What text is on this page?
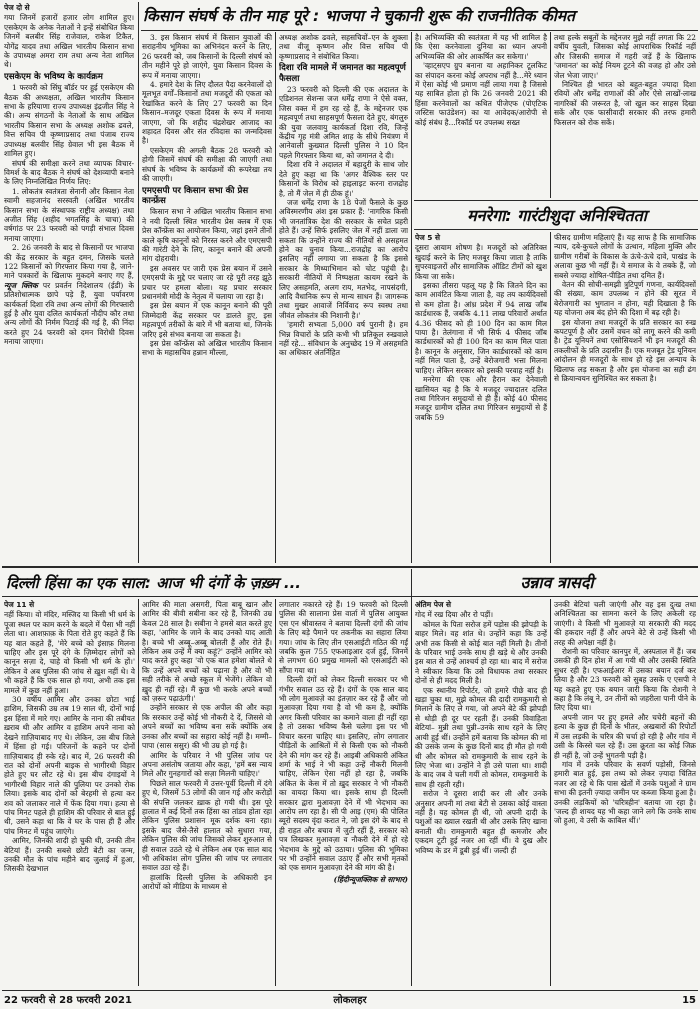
पेज दो से

गया जिनमें हजारों हजार लोग शामिल हुए। एसकेएम के अनेक नेताओं ने इन्हें संबोधित किया जिनमें बलबीर सिंह राजेवाल, राकेश टिकैत, योगेंद्र यादव तथा अखिल भारतीय किसान सभा के उपाध्यक्ष अमरा राम तथा अन्य नेता शामिल थे।

एसकेएम के भविष्य के कार्यक्रम

1 फरवरी को सिंघु बॉर्डर पर हुई एसकेएम की बैठक की अध्यक्षता, अखिल भारतीय किसान सभा के हरियाणा राज्य उपाध्यक्ष इंद्रजीत सिंह ने की। अन्य संगठनों के नेताओं के साथ अखिल भारतीय किसान सभा के अध्यक्ष अशोक ढवले, वित्त सचिव पी कृष्णाप्रसाद तथा पंजाब राज्य उपाध्यक्ष बलवीर सिंह ग्रेवाल भी इस बैठक में शामिल हुए।

संघर्ष की समीक्षा करने तथा व्यापक विचार-विमर्श के बाद बैठक ने संघर्ष को देशव्यापी बनाने के लिए निम्नलिखित निर्णय लिए:

1. लोकतंत्र स्वतंत्रता सेनानी और किसान नेता स्वामी सहजानंद सरस्वती (अखिल भारतीय किसान सभा के संस्थापक राष्ट्रीय अध्यक्ष) तथा अजीत सिंह (शहीद भगतसिंह के चाचा) की वर्षगांठ पर 23 फरवरी को पगड़ी संभाल दिवस मनाया जाएगा।

2. 26 जनवरी के बाद से किसानों पर भाजपा की केंद्र सरकार के बहुत दमन, जिसके चलते 122 किसानों को गिरफ्तार किया गया है, जाने-माने पत्रकारों के खिलाफ मुकदमे बनाए गए हैं, न्यूज क्लिक पर प्रवर्तन निदेशालय (ईडी) के प्रतिशोधात्मक छापे पड़े हैं, युवा पर्यावरण कार्यकर्ता दिशा रवि तथा अन्य लोगों की गिरफ्तारी हुई है और युवा दलित कार्यकर्ता नौदीप कौर तथा अन्य लोगों की निर्मम पिटाई की गई है, की निंदा करते हुए 24 फरवरी को दमन विरोधी दिवस मनाया जाएगा।

किसान संघर्ष के तीन माह पूरे : भाजपा ने चुकानी शुरू की राजनीतिक कीमत

3. इस किसान संघर्ष में किसान युवाओं की सराहनीय भूमिका का अभिनंदन करने के लिए, 26 फरवरी को, जब किसानों के दिल्ली संघर्ष को तीन महीने पूरे हो जाएंगे, युवा किसान दिवस के रूप में मनाया जाएगा।

4. हमारे देश के लिए दौलत पैदा करनेवालों दो मूलभूत वर्गों–किसानों तथा मजदूरों की एकता को रेखांकित करने के लिए 27 फरवरी का दिन किसान–मजदूर एकता दिवस के रूप में मनाया जाएगा, जो कि शहीद चंद्रशेखर आजाद का शहादत दिवस और संत रविदास का जन्मदिवस है।

एसकेएम की अगली बैठक 28 फरवरी को होगी जिसमें संघर्ष की समीक्षा की जाएगी तथा संघर्ष के भविष्य के कार्यक्रमों की रूपरेखा तय की जाएगी।

एमएसपी पर किसान सभा की प्रेस कान्फ्रेंस

किसान सभा ने अखिल भारतीय किसान सभा ने नयी दिल्ली स्थित भारतीय प्रेस क्लब में एक प्रेस कॉन्फ्रेंस का आयोजन किया, जहां इसने तीनों काले कृषि कानूनों को निरस्त करने और एमएसपी की गारंटी देने के लिए, कानून बनाने की अपनी मांग दोहरायी।

इस अवसर पर जारी एक प्रेस बयान में उसने एमएसपी के मुद्दे पर चलाए जा रहे पूरी तरह झूठे प्रचार पर हमला बोला। यह प्रचार सरकार प्रधानमंत्री मोदी के नेतृत्व में चलाया जा रहा है।

इस प्रेस बयान में एक कानून बनाने की पूरी जिम्मेदारी केंद्र सरकार पर डालते हुए, इस महत्वपूर्ण तरीकों के बारे में भी बताया था, जिनके जरिए इसे संभव बनाया जा सकता है।

इस प्रेस कॉन्फ्रेंस को अखिल भारतीय किसान सभा के महासचिव हन्नान मौल्ला,

अध्यक्ष अशोक ढवले, सहसचिवों–एन के शुक्ला तथा वीजू कृष्णन और वित्त सचिव पी कृष्णाप्रसाद ने संबोधित किया।

दिशा रवि मामले में जमानत का महत्वपूर्ण फैसला

23 फरवरी को दिल्ली की एक अदालत के एडिशनल सेशन्स जज धर्मेंद्र राणा ने ऐसे वक्त, जिस वक्त में हम रह रहे हैं, के मद्देनजर एक महत्वपूर्ण तथा साहसपूर्ण फैसला देते हुए, बंगलुरु की युवा जलवायु कार्यकर्ता दिशा रवि, जिन्हें केंद्रीय गृह मंत्री अमित शाह के सीधे नियंत्रण में आनेवाली कुख्यात दिल्ली पुलिस ने 10 दिन पहले गिरफ्तार किया था, को जमानत दे दी।

दिशा रवि ने अदालत में बहादुरी के साथ जोर देते हुए कहा था कि 'अगर वैश्विक स्तर पर किसानों के विरोध को हाइलाइट करना राजद्रोह है, तो मैं जेल में ही ठीक हूं।'

जज धर्मेंद्र राणा के 18 पेजों फैसले के कुछ अविस्मरणीय अंश इस प्रकार हैं: 'नागरिक किसी भी जनतांत्रिक देश की सरकार के सचेत प्रहरी होते हैं। उन्हें सिर्फ इसलिए जेल में नहीं डाला जा सकता कि उन्होंने राज्य की नीतियों से असहमत होने का चुनाव किया...राजद्रोह का आरोप इसलिए नहीं लगाया जा सकता है कि इससे सरकार के मिथ्याभिमान को चोट पहुंची है। सरकारी नीतियों में निष्पक्षता कायम रखने के लिए असहमति, अलग राय, मतभेद, नापसंदगी, आदि वैधानिक रूप से मान्य साधन हैं। जागरूक तथा मुखर आवाजें निर्विवाद रूप स्वस्थ तथा जीवंत लोकतंत्र की निशानी है।'

'हमारी सभ्यता 5,000 वर्ष पुरानी है। हम भिन्न विचारों के प्रति कभी भी प्रतिकूल रुखवाले नहीं रहे... संविधान के अनुच्छेद 19 में असहमति का अधिकार अंतर्निहित

है। अभिव्यक्ति की स्वतंत्रता में यह भी शामिल है कि ऐसा करनेवाला दुनिया का ध्यान अपनी अभिव्यक्ति की ओर आकर्षित कर सकेगा।'

'व्हाट्सएप ग्रुप बनाना या अहानिकर टूलकिट का संपादन करना कोई अपराध नहीं है...मेरे ध्यान में ऐसा कोई भी प्रमाण नहीं लाया गया है जिससे यह साबित होता हो कि 26 जनवरी 2021 की हिंसा करनेवालों का कथित पीजेएफ (पोएटिक जस्टिस फाउंडेशन) का या आवेदक/आरोपी से कोई संबंध है...रिकॉर्ड पर उपलब्ध सख्त

तथा हल्के सबूतों के मद्देनजर मुझे नहीं लगता कि 22 वर्षीय युवती, जिसका कोई आपराधिक रिकॉर्ड नहीं और जिसकी समाज में गहरी जड़ें हैं के खिलाफ 'जमानत' का कोई नियम टूटने की वजह हो और उसे जेल भेजा जाए।'

निश्चित ही भारत को बहुत-बहुत ज्यादा दिशा रवियों और धर्मेंद्र राणाओं की और ऐसे लाखों-लाख नागरिकों की जरूरत है, जो खुल कर साहस दिखा सकें और एक फासीवादी सरकार की तरफ हमारी फिसलन को रोक सकें।

मनरेगा: गारंटीशुदा अनिश्चितता

पेज 5 से

दूसरा आयाम शोषण है। मजदूरों को अतिरिक्त खुदाई करने के लिए मजबूर किया जाता है ताकि सुपरवाइजरों और सामाजिक ऑडिट टीमों को खुश किया जा सके।

इसका तीसरा पहलू यह है कि जितने दिन का काम आवंटित किया जाता है, वह तय कार्यदिवसों से कम होता है। आंध्र प्रदेश में 94 लाख जॉब कार्डधारक हैं, जबकि 4.11 लाख परिवारों अर्थात 4.36 फीसद को ही 100 दिन का काम मिल पाया है। तेलंगाना में भी सिर्फ 4 फीसद जॉब कार्डधारकों को ही 100 दिन का काम मिल पाता है। कानून के अनुसार, जिन कार्डधारकों को काम नहीं मिल पाता है, उन्हें बेरोजगारी भत्ता मिलना चाहिए। लेकिन सरकार को इसकी परवाह नहीं है।

मनरेगा की एक और हैरान कर देनेवाली खासियत यह है कि ये मजदूर ज्यादातर दलित तथा गिरिजन समुदायों से ही हैं। कोई 40 फीसद मजदूर ग्रामीण दलित तथा गिरिजन समुदायों से हैं जबकि 59

फीसद ग्रामीण महिलाएं हैं। यह साफ है कि सामाजिक न्याय, दबे-कुचले लोगों के उत्थान, महिला मुक्ति और ग्रामीण गरीबों के विकास के ऊंचे-ऊंचे दावे, पाखंड के अलावा कुछ भी नहीं हैं। ये समाज के वे तबके हैं, जो सबसे ज्यादा शोषित-पीड़ित तथा दमित हैं।

वेतन की सोची-समझी त्रुटिपूर्ण गणना, कार्यदिवसों की संख्या, काम उपलब्ध न होने की सूरत में बेरोजगारी का भुगतान न होना, यही दिखाता है कि यह योजना अब बंद होने की दिशा में बढ़ रही है।

इस योजना तथा मजदूरों के प्रति सरकार का रुख कपटपूर्ण है और उसमें वचन को लागू करने की कमी है। ट्रेड यूनियनें तथा एसोसियशनें भी इन मजदूरों की तकलीफों के प्रति उदासीन हैं। एक मजबूत ट्रेड यूनियन आंदोलन ही मजदूरों के साथ हो रहे इस अन्याय के खिलाफ लड़ सकता है और इस योजना का सही ढंग से क्रियान्वयन सुनिश्चित कर सकता है।

दिल्ली हिंसा का एक साल: आज भी दंगों के ज़ख़्म ...

पेज 11 से

नहीं किया। वो मंदिर, मस्जिद या किसी भी धर्म के पूजा स्थल पर काम करने के बदले में पैसा भी नहीं लेता था। आशफ़ाक़ के पिता रोते हुए कहते हैं कि यह बात कहते हैं, 'मेरे बच्चे को इंसाफ़ मिलना चाहिए और इस पूरे दंगे के ज़िम्मेदार लोगों को कानून सज़ा दे, चाहे वो किसी भी धर्म के हों।' लेकिन वे अब पुलिस की जांच से ख़ुश नहीं थे। वे भी कहते हैं कि एक साल हो गया, अभी तक इस मामले में कुछ नहीं हुआ।

30 वर्षीय आमिर और उनका छोटा भाई हाशिम, जिसकी उम्र तब 19 साल थी, दोनों भाई इस हिंसा में मारे गए। आमिर के नाना की तबीयत ख़राब थी और आमिर व हाशिम अपने नाना को देखने ग़ाज़ियाबाद गए थे। लेकिन, उस बीच जिले में हिंसा हो गई। परिजनों के कहने पर दोनों ग़ाज़ियाबाद ही रुके रहे। बाद में, 26 फरवरी की रात को दोनों अपनी बाइक से भागीरथी विहार होते हुए घर लौट रहे थे। इस बीच दंगाइयों ने भागीरथी विहार नाले की पुलिया पर उनको रोक लिया। इसके बाद दोनों को बेरहमी से हत्या कर शव को जलाकर नाले में फेंक दिया गया। हत्या से पांच मिनट पहले ही हाशिम की परिवार से बात हुई थी, उसने कहा था कि वे घर के पास ही हैं और पांच मिनट में पहुंच जाएंगे।

आमिर, जिनकी शादी हो चुकी थी, उनकी तीन बेटियां हैं। उनकी सबसे छोटी बेटी का जन्म, उनकी मौत के पांच महीने बाद जुलाई में हुआ, जिसकी देखभाल

आमिर की माता असगरी, पिता बाबू खान और आमिर की बीवी सबीना कर रहे हैं, जिनकी उम्र केवल 28 साल है। सबीना ने हमसे बात करते हुए कहा, 'आमिर के जाने के बाद उनको याद आती है। बच्चे भी अब्बू–अब्बू बोलती हैं और रोते हैं। लेकिन अब उन्हें मैं क्या कहूं?' उन्होंने आमिर को याद करते हुए कहा 'वो एक बात हमेशा बोलते थे कि उन्हें अपने बच्चों को पढ़ाना है और वो भी सही तरीके से अच्छे स्कूल में भेजेंगे। लेकिन वो ख़ुद ही नहीं रहे। मैं कुछ भी करके अपने बच्चों को ज़रूर पढ़ाऊंगी।'

उन्होंने सरकार से एक अपील की और कहा कि सरकार उन्हें कोई भी नौकरी दे दें, जिससे वो अपने बच्चों का भविष्य बना सकें क्योंकि अब उनका और बच्चों का सहारा कोई नहीं है। मम्मी–पापा (सास ससुर) की भी उम्र हो गई है।

आमिर के परिवार ने भी पुलिस जांच पर अपना असंतोष जताया और कहा, 'हमें बस न्याय मिले और गुनहगारों को सज़ा मिलनी चाहिए।'

पिछले साल फरवरी में उत्तर-पूर्वी दिल्ली में दंगे हुए थे, जिसमें 53 लोगों की जान गई और करोड़ों की संपत्ति जलकर ख़ाक हो गयी थी। इस पूरे हालात में कई दिनों तक हिंसा का तांडव होता रहा लेकिन पुलिस प्रशासन मूक दर्शक बना रहा। इसके बाद जैसे-तैसे हालात को सुधारा गया, लेकिन पुलिस की जांच जिसको लेकर शुरुआत से ही सवाल उठते रहे थे लेकिन अब एक साल बाद भी अधिकांश लोग पुलिस की जांच पर लगातार सवाल उठा रहे हैं।

हालांकि दिल्ली पुलिस के अधिकारी इन आरोपों को मीडिया के माध्यम से

लगातार नकारते रहे हैं। 19 फरवरी को दिल्ली पुलिस की सालाना प्रेस वार्ता में पुलिस आयुक्त एस एन श्रीवास्तव ने बताया दिल्ली दंगों की जांच के लिए बड़े पैमाने पर तकनीक का सहारा लिया गया। जांच के लिए तीन एसआईटी गठित की गईं जबकि कुल 755 एफआइआर दर्ज हुईं, जिनमें से लगभग 60 प्रमुख मामलों को एसआईटी को सौंपा गया था।

दिल्ली दंगों को लेकर दिल्ली सरकार पर भी गंभीर सवाल उठ रहे हैं। दंगों के एक साल बाद भी लोग मुआवज़े का इंतज़ार कर रहे हैं और जो मुआवज़ा दिया गया है वो भी कम है, क्योंकि अगर किसी परिवार का कमाने वाला ही नहीं रहा है तो उसका भविष्य कैसे चलेगा इस पर भी विचार करना चाहिए था। इसलिए, लोग लगातार पीड़ितों के आश्रितों में से किसी एक को नौकरी देने की मांग कर रहे हैं। आइबी अधिकारी अंकित शर्मा के भाई ने भी कहा उन्हें नौकरी मिलनी चाहिए, लेकिन ऐसा नहीं हो रहा है, जबकि अंकित के केस में तो ख़ुद सरकार ने भी नौकरी का वायदा किया था। इसके साथ ही दिल्ली सरकार द्वारा मुआवज़ा देने में भी भेदभाव का आरोप लग रहा है। सी पी आइ (एम) की पोलित ब्यूरो सदस्य वृंदा करात ने, जो इस दंगे के बाद से ही राहत और बचाव में जुटी रहीं हैं, सरकार को पत्र लिखकर मुआवज़ा व नौकरी देने में हो रहे भेदभाव के मुद्दे को उठाया। पुलिस की भूमिका पर भी उन्होंने सवाल उठाए हैं और सभी मृतकों को एक समान मुआवज़ा देने की मांग की है।

(हिंदीन्यूजक्लिक से साभार)

उन्नाव त्रासदी

अंतिम पेज से

गोद में रख दिया और रो पड़ीं।

कोमल के पिता सरोज हमें पड़ोस की झोपड़ी के बाहर मिले। वह शांत थे। उन्होंने कहा कि उन्हें अभी तक किसी से कोई बात नहीं मिली है। तीनों के परिवार भाई उनके साथ ही खड़े थे और उनकी इस बात से उन्हें आश्चर्य हो रहा था। बाद में सरोज ने स्वीकार किया कि उसे विधायक तथा सरकार दोनों से ही मदद मिली है।

एक स्थानीय रिपोर्टर, जो हमारे पीछे बाद ही खड़ा चुका था, मुझे कोमल की दादी रामकुमारी से मिलाने के लिए ले गया, जो अपने बेटे की झोपड़ी से थोड़ी ही दूर पर रहती हैं। उनकी विवाहिता बेटियां– मुन्नी तथा पुन्नी–उनके साथ रहने के लिए आयी हुई थीं। उन्होंने हमें बताया कि कोमल की मां की उसके जन्म के कुछ दिनों बाद ही मौत हो गयी थी और कोमल को रामकुमारी के साथ रहने के लिए भेजा था। उन्होंने ने ही उसे पाला था। शादी के बाद जब वे चली गयीं तो कोमल, रामकुमारी के साथ ही रहती रही।

सरोज ने दूसरा शादी कर ली और उनके अनुसार अपनी मां तथा बेटी से उसका कोई वास्ता नहीं है। यह कोमल ही थी, जो अपनी दादी के पशुओं का ख्याल रखती थी और उसके लिए खाना बनाती थी। रामकुमारी बहुत ही कमजोर और एकदम टूटी हुई नजर आ रहीं थीं। वे दुख और भविष्य के डर में डूबी हुई थीं। जल्दी ही

उनकी बेटियां चली जाएंगी और वह इस दुःख तथा अनिश्चितता का सामना करने के लिए अकेली रह जाएंगी। वे किसी भी मुआवज़े या सरकारी की मदद की हकदार नहीं हैं और अपने बेटे से उन्हें किसी भी तरह की अपेक्षा नहीं है।

रोशनी का परिवार कानपुर में, अस्पताल में हैं। जब उसकी ही दिन होश में आ गयी थी और उसकी स्थिति सुधर रही है। एफआईआर में उसका बयान दर्ज कर लिया है और 23 फरवरी को सुबह उसके ए एसपी ने यह कहते हुए एक बयान जारी किया कि रोशनी ने कहा है कि लंबू ने, उन तीनों को जहरीला पानी पीने के लिए दिया था।

अपनी जान पर हुए हमले और चचेरी बहनों की हत्या के कुछ ही दिनों के भीतर, अखबारों की रिपोर्टों में उस लड़की के चरित्र की चर्चा हो रही है और गांव में उसी के किस्से चल रहे हैं। उस क्रूरता का कोई जिक्र ही नहीं है, जो उन्हें भुगतनी पड़ी है।

गांव में उनके परिवार के सवर्ण पड़ोसी, जिनसे हमारी बात हुई, इस तथ्य को लेकर ज़्यादा चिंतित नजर आ रहे थे कि पास खेतों में उनके पशुओं ने ग्राम सभा की इतनी ज़्यादा जमीन पर कब्जा किया हुआ है। उनकी लड़कियों को 'चरित्रहीन' बताया जा रहा है। 'जल्द ही शायद यह भी कहा जाने लगे कि उनके साथ जो हुआ, वे उसी के काबिल थीं।'

22 फरवरी से 28 फरवरी 2021	लोकलहर	15
